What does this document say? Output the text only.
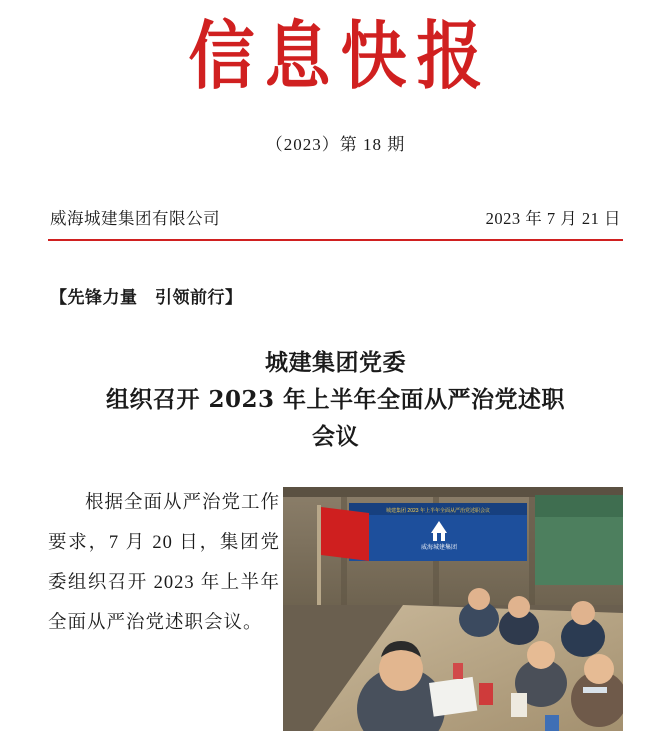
信息快报
（2023）第 18 期
威海城建集团有限公司	2023 年 7 月 21 日
【先锋力量　引领前行】
城建集团党委
组织召开 2023 年上半年全面从严治党述职
会议
根据全面从严治党工作要求，7 月 20 日，集团党委组织召开 2023 年上半年全面从严治党述职会议。
城建集团 2023 年上半年全面从严治党述职会议
威海城建集团
